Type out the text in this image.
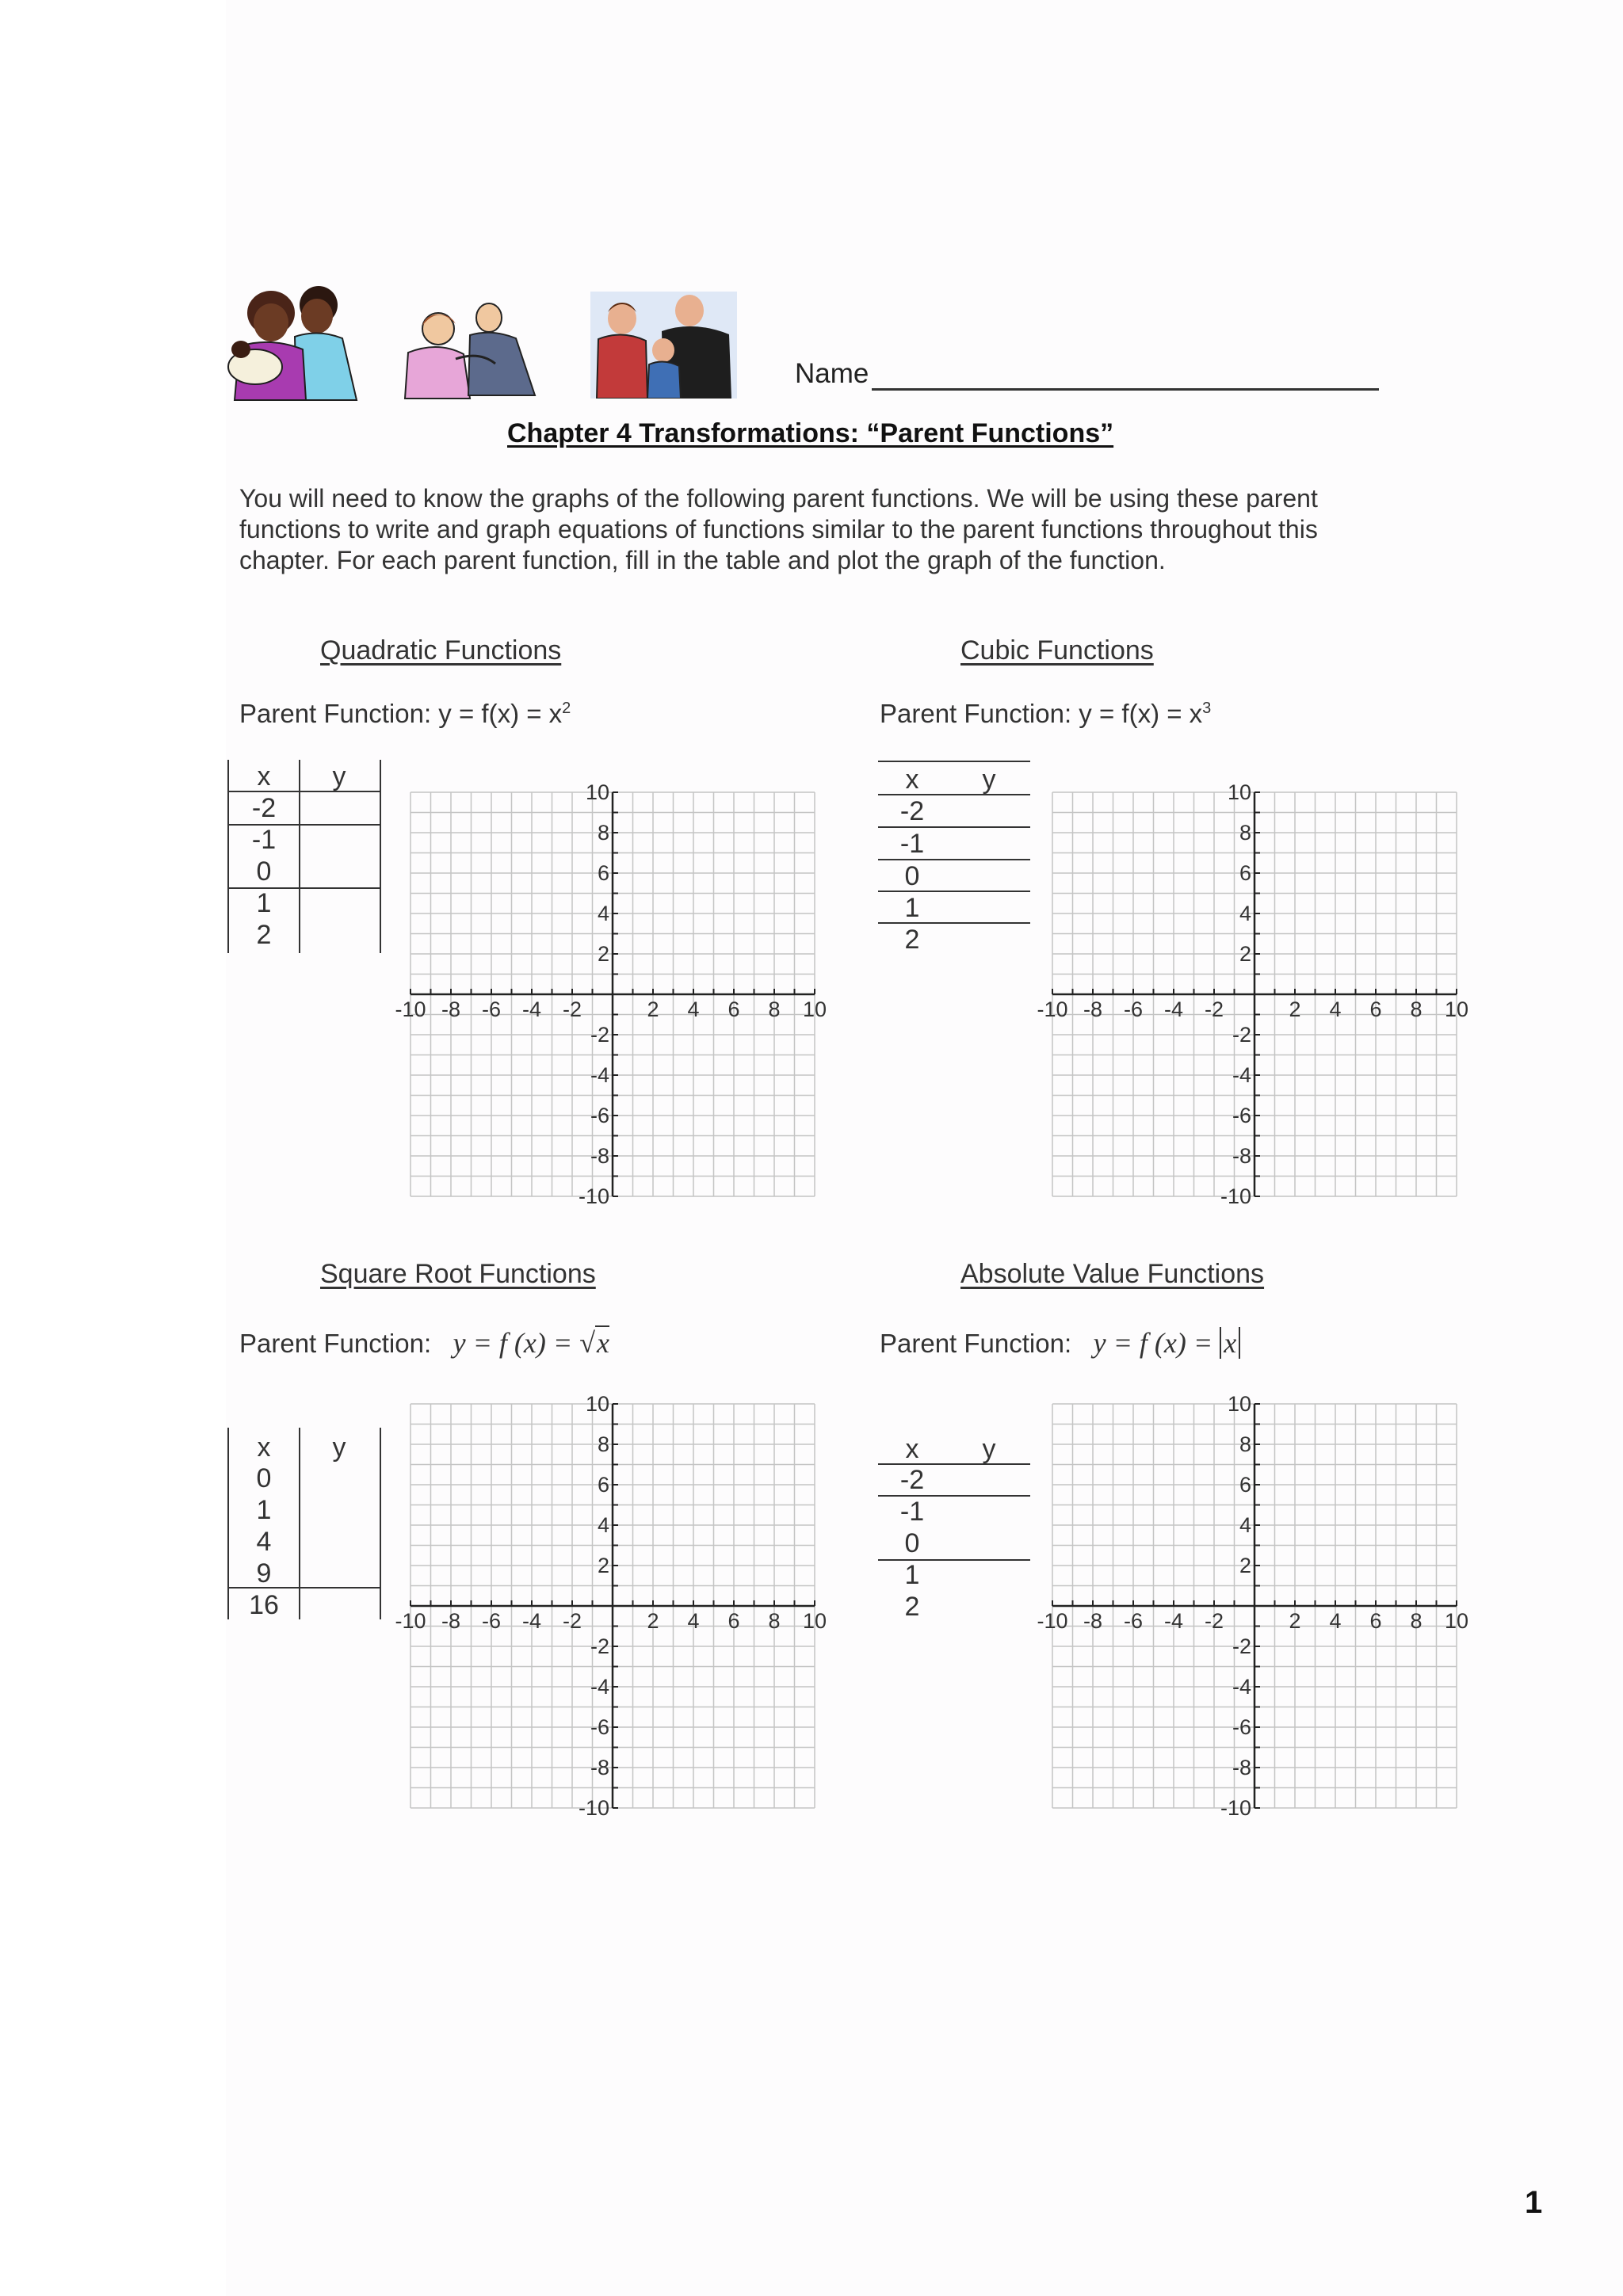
Name
Chapter 4 Transformations: “Parent Functions”
You will need to know the graphs of the following parent functions. We will be using these parent functions to write and graph equations of functions similar to the parent functions throughout this chapter. For each parent function, fill in the table and plot the graph of the function.
Quadratic Functions	Cubic Functions
Square Root Functions	Absolute Value Functions
Parent Function: $y = f(x) = x^2$	Parent Function: $y = f(x) = x^3$
Parent Function: y = f (x) = √x	Parent Function: y = f (x) = x
x y
-2
-1
0
1
2
x y
-2
-1
0
1
2
x y
0
1
4
9
16
x y
-2
-1
0
1
2
-10 -8 -6 -4 -2	2 4 6 8 10
10
8
6
4
2
-2
-4
-6
-8
-10
-10 -8 -6 -4 -2	2 4 6 8 10
10
8
6
4
2
-2
-4
-6
-8
-10
-10 -8 -6 -4 -2	2 4 6 8 10
10
8
6
4
2
-2
-4
-6
-8
-10
-10 -8 -6 -4 -2	2 4 6 8 10
10
8
6
4
2
-2
-4
-6
-8
-10
1
